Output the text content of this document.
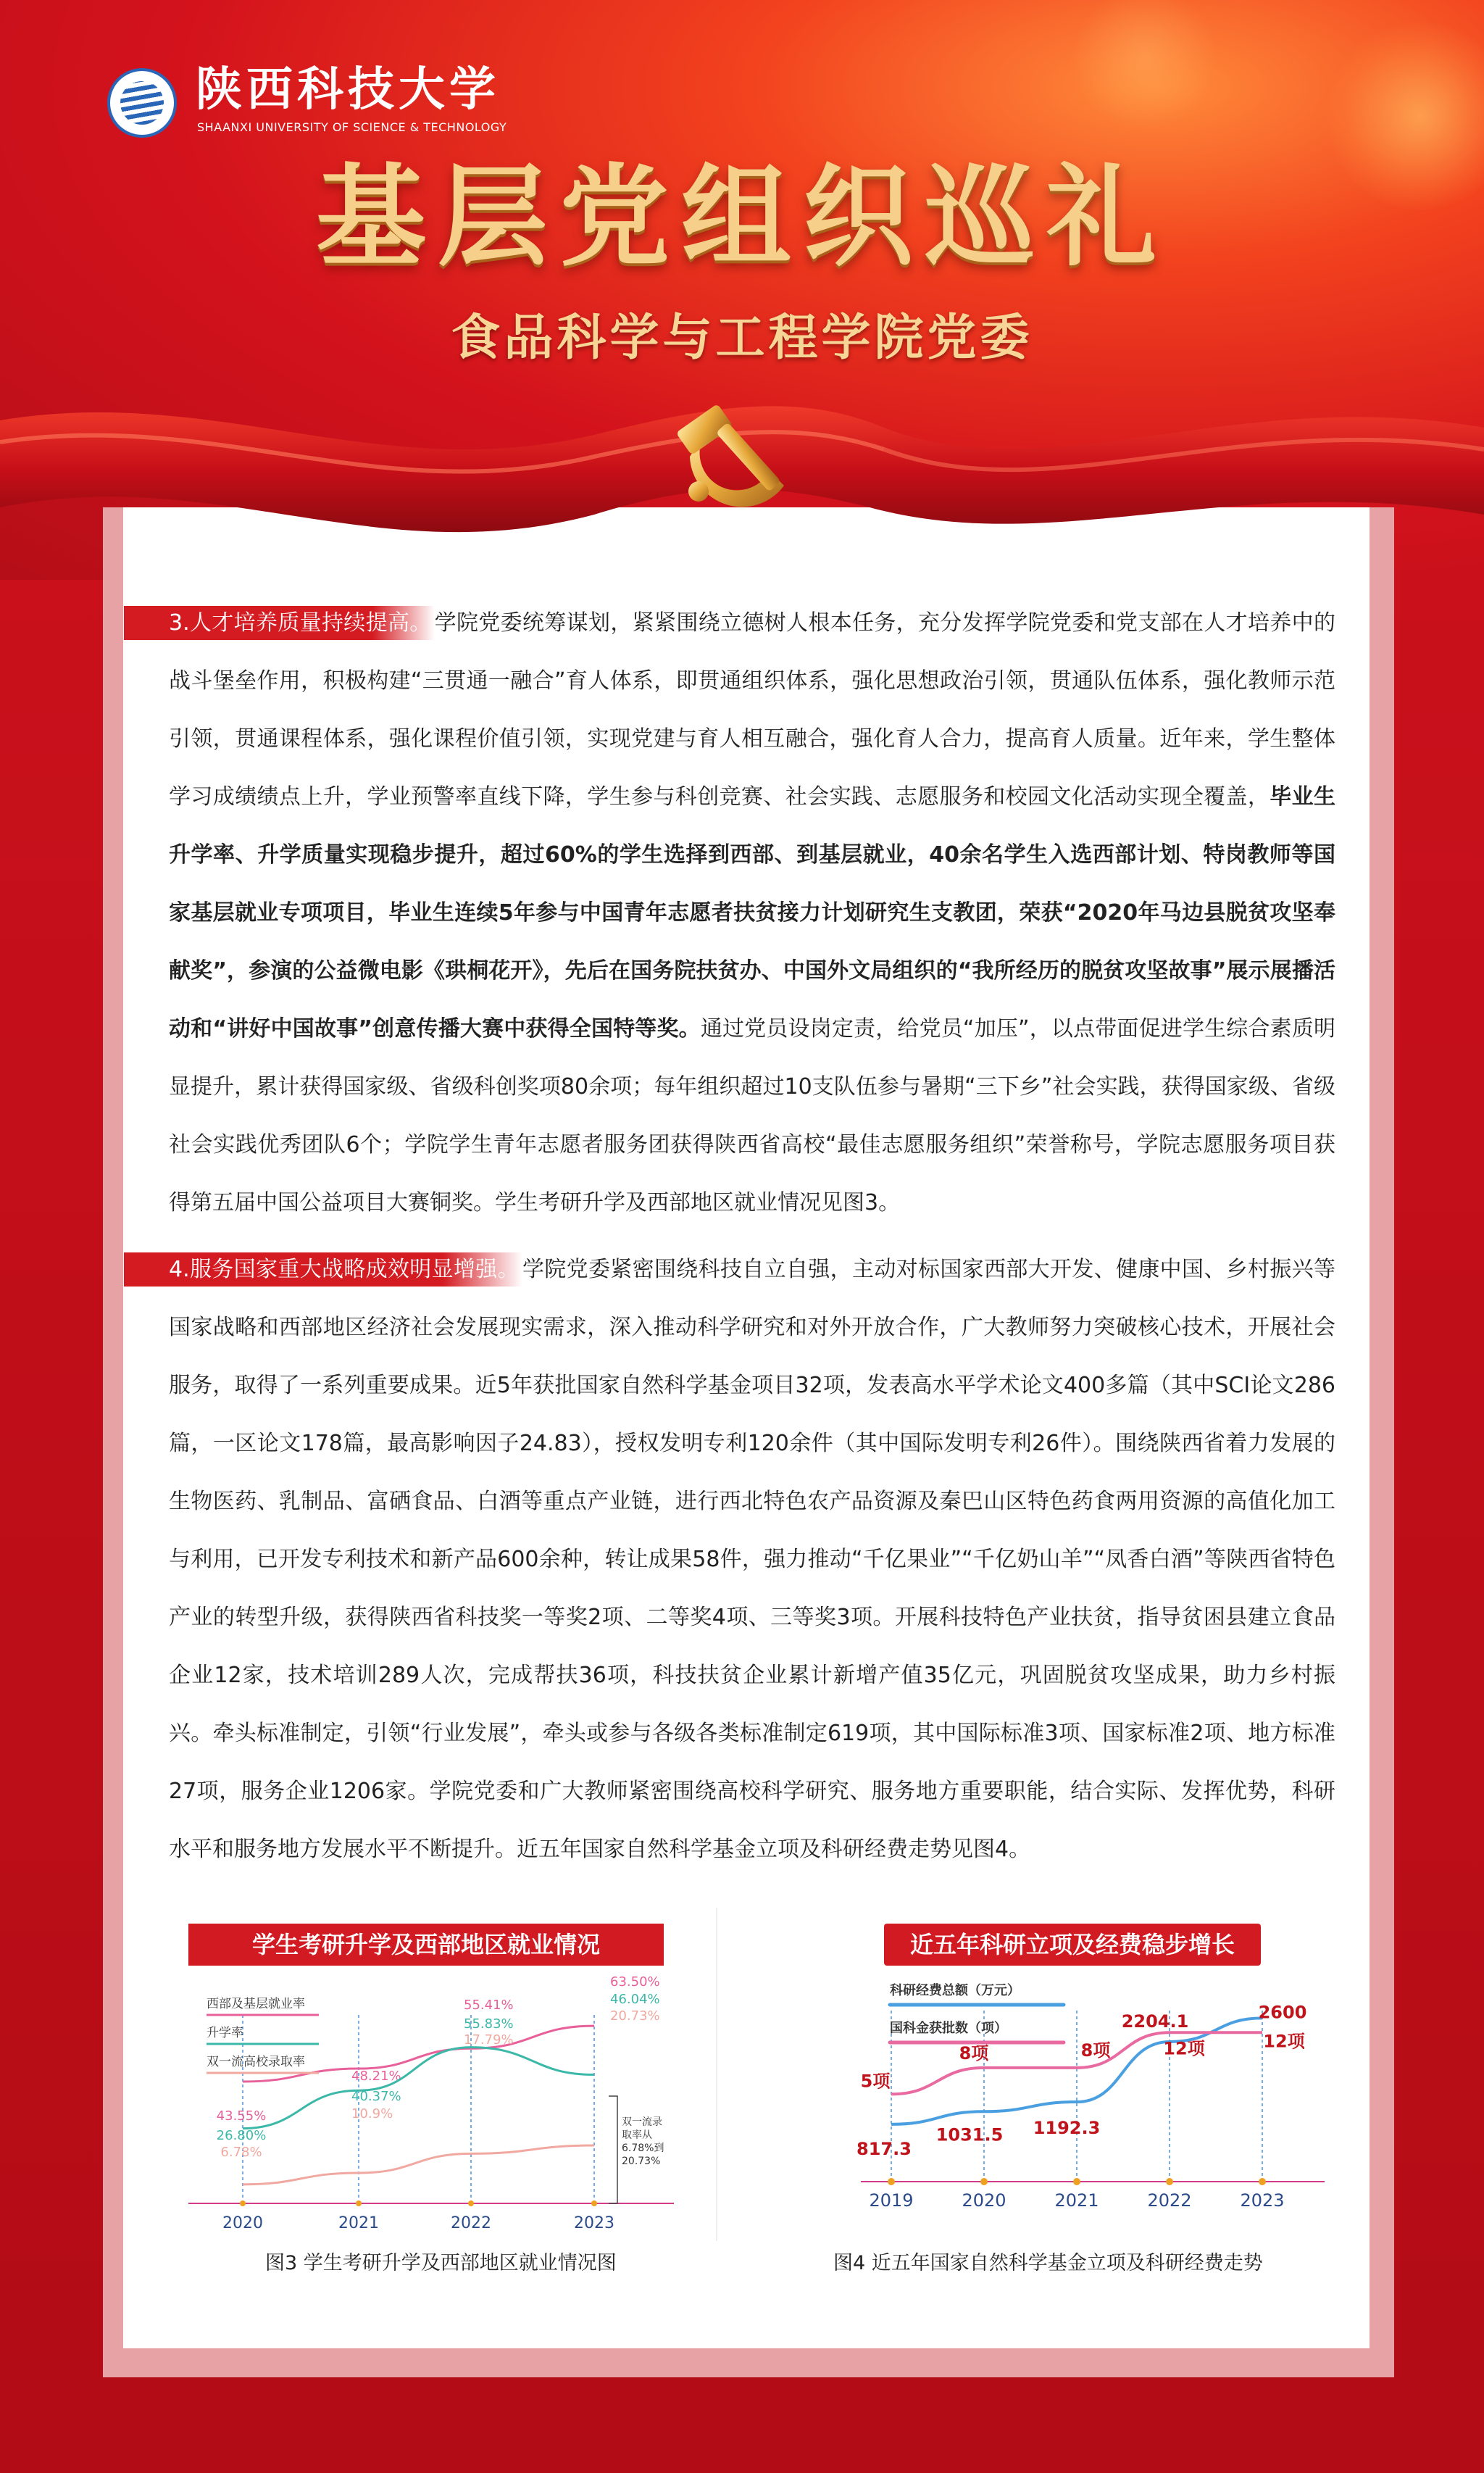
陕西科技大学
SHAANXI UNIVERSITY OF SCIENCE & TECHNOLOGY
基层党组织巡礼
食品科学与工程学院党委
3.人才培养质量持续提高。 学院党委统筹谋划，紧紧围绕立德树人根本任务，充分发挥学院党委和党支部在人才培养中的战斗堡垒作用，积极构建“三贯通一融合”育人体系，即贯通组织体系，强化思想政治引领，贯通队伍体系，强化教师示范引领，贯通课程体系，强化课程价值引领，实现党建与育人相互融合，强化育人合力，提高育人质量。近年来，学生整体学习成绩绩点上升，学业预警率直线下降，学生参与科创竞赛、社会实践、志愿服务和校园文化活动实现全覆盖，毕业生升学率、升学质量实现稳步提升，超过60%的学生选择到西部、到基层就业，40余名学生入选西部计划、特岗教师等国家基层就业专项项目，毕业生连续5年参与中国青年志愿者扶贫接力计划研究生支教团，荣获“2020年马边县脱贫攻坚奉献奖”，参演的公益微电影《珙桐花开》，先后在国务院扶贫办、中国外文局组织的“我所经历的脱贫攻坚故事”展示展播活动和“讲好中国故事”创意传播大赛中获得全国特等奖。通过党员设岗定责，给党员“加压”，以点带面促进学生综合素质明显提升，累计获得国家级、省级科创奖项80余项；每年组织超过10支队伍参与暑期“三下乡”社会实践，获得国家级、省级社会实践优秀团队6个；学院学生青年志愿者服务团获得陕西省高校“最佳志愿服务组织”荣誉称号，学院志愿服务项目获得第五届中国公益项目大赛铜奖。学生考研升学及西部地区就业情况见图3。
4.服务国家重大战略成效明显增强。 学院党委紧密围绕科技自立自强，主动对标国家西部大开发、健康中国、乡村振兴等国家战略和西部地区经济社会发展现实需求，深入推动科学研究和对外开放合作，广大教师努力突破核心技术，开展社会服务，取得了一系列重要成果。近5年获批国家自然科学基金项目32项，发表高水平学术论文400多篇（其中SCI论文286篇，一区论文178篇，最高影响因子24.83），授权发明专利120余件（其中国际发明专利26件）。围绕陕西省着力发展的生物医药、乳制品、富硒食品、白酒等重点产业链，进行西北特色农产品资源及秦巴山区特色药食两用资源的高值化加工与利用，已开发专利技术和新产品600余种，转让成果58件，强力推动“千亿果业”“千亿奶山羊”“凤香白酒”等陕西省特色产业的转型升级，获得陕西省科技奖一等奖2项、二等奖4项、三等奖3项。开展科技特色产业扶贫，指导贫困县建立食品企业12家，技术培训289人次，完成帮扶36项，科技扶贫企业累计新增产值35亿元，巩固脱贫攻坚成果，助力乡村振兴。牵头标准制定，引领“行业发展”，牵头或参与各级各类标准制定619项，其中国际标准3项、国家标准2项、地方标准27项，服务企业1206家。学院党委和广大教师紧密围绕高校科学研究、服务地方重要职能，结合实际、发挥优势，科研水平和服务地方发展水平不断提升。近五年国家自然科学基金立项及科研经费走势见图4。
学生考研升学及西部地区就业情况
2020	2021	2022	2023
43.55%
48.21%
55.41%
63.50%
西部及基层就业率
26.80%
40.37%
55.83%
46.04%
升学率
6.78%
10.9%
17.79%
20.73%
双一流高校录取率
双一流录
取率从
6.78%到
20.73%
图3 学生考研升学及西部地区就业情况图
近五年科研立项及经费稳步增长
2019	2020	2021	2022	2023
817.3
1031.5 1192.3
2204.1	2600
5项
8项	8项	12项	12项
科研经费总额（万元）
国科金获批数（项）
图4 近五年国家自然科学基金立项及科研经费走势
